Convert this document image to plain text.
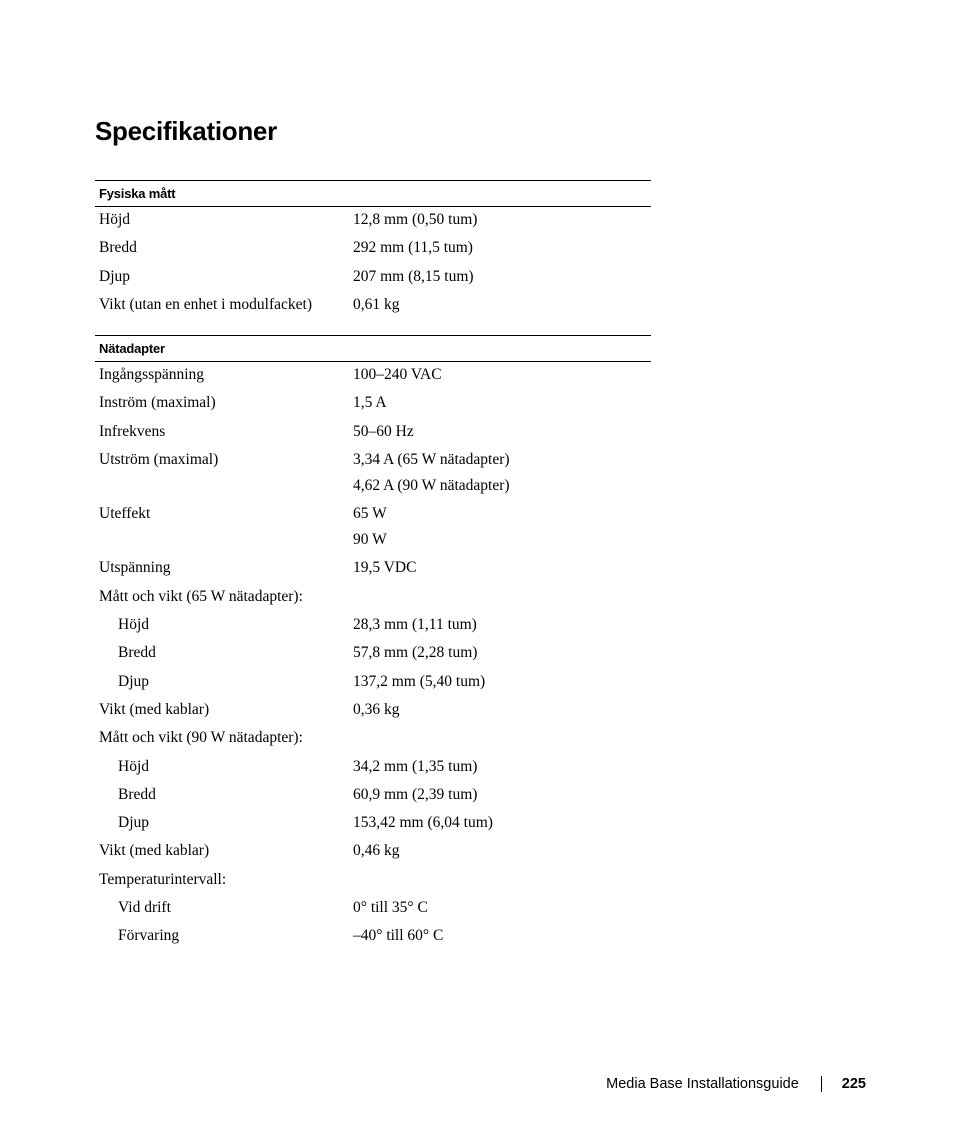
Specifikationer
Fysiska mått
Höjd	12,8 mm (0,50 tum)
Bredd	292 mm (11,5 tum)
Djup	207 mm (8,15 tum)
Vikt (utan en enhet i modulfacket)	0,61 kg
Nätadapter
Ingångsspänning	100–240 VAC
Inström (maximal)	1,5 A
Infrekvens	50–60 Hz
Utström (maximal)	3,34 A (65 W nätadapter)
4,62 A (90 W nätadapter)
Uteffekt	65 W
90 W
Utspänning	19,5 VDC
Mått och vikt (65 W nätadapter):
Höjd	28,3 mm (1,11 tum)
Bredd	57,8 mm (2,28 tum)
Djup	137,2 mm (5,40 tum)
Vikt (med kablar)	0,36 kg
Mått och vikt (90 W nätadapter):
Höjd	34,2 mm (1,35 tum)
Bredd	60,9 mm (2,39 tum)
Djup	153,42 mm (6,04 tum)
Vikt (med kablar)	0,46 kg
Temperaturintervall:
Vid drift	0° till 35° C
Förvaring	–40° till 60° C
Media Base Installationsguide	225
